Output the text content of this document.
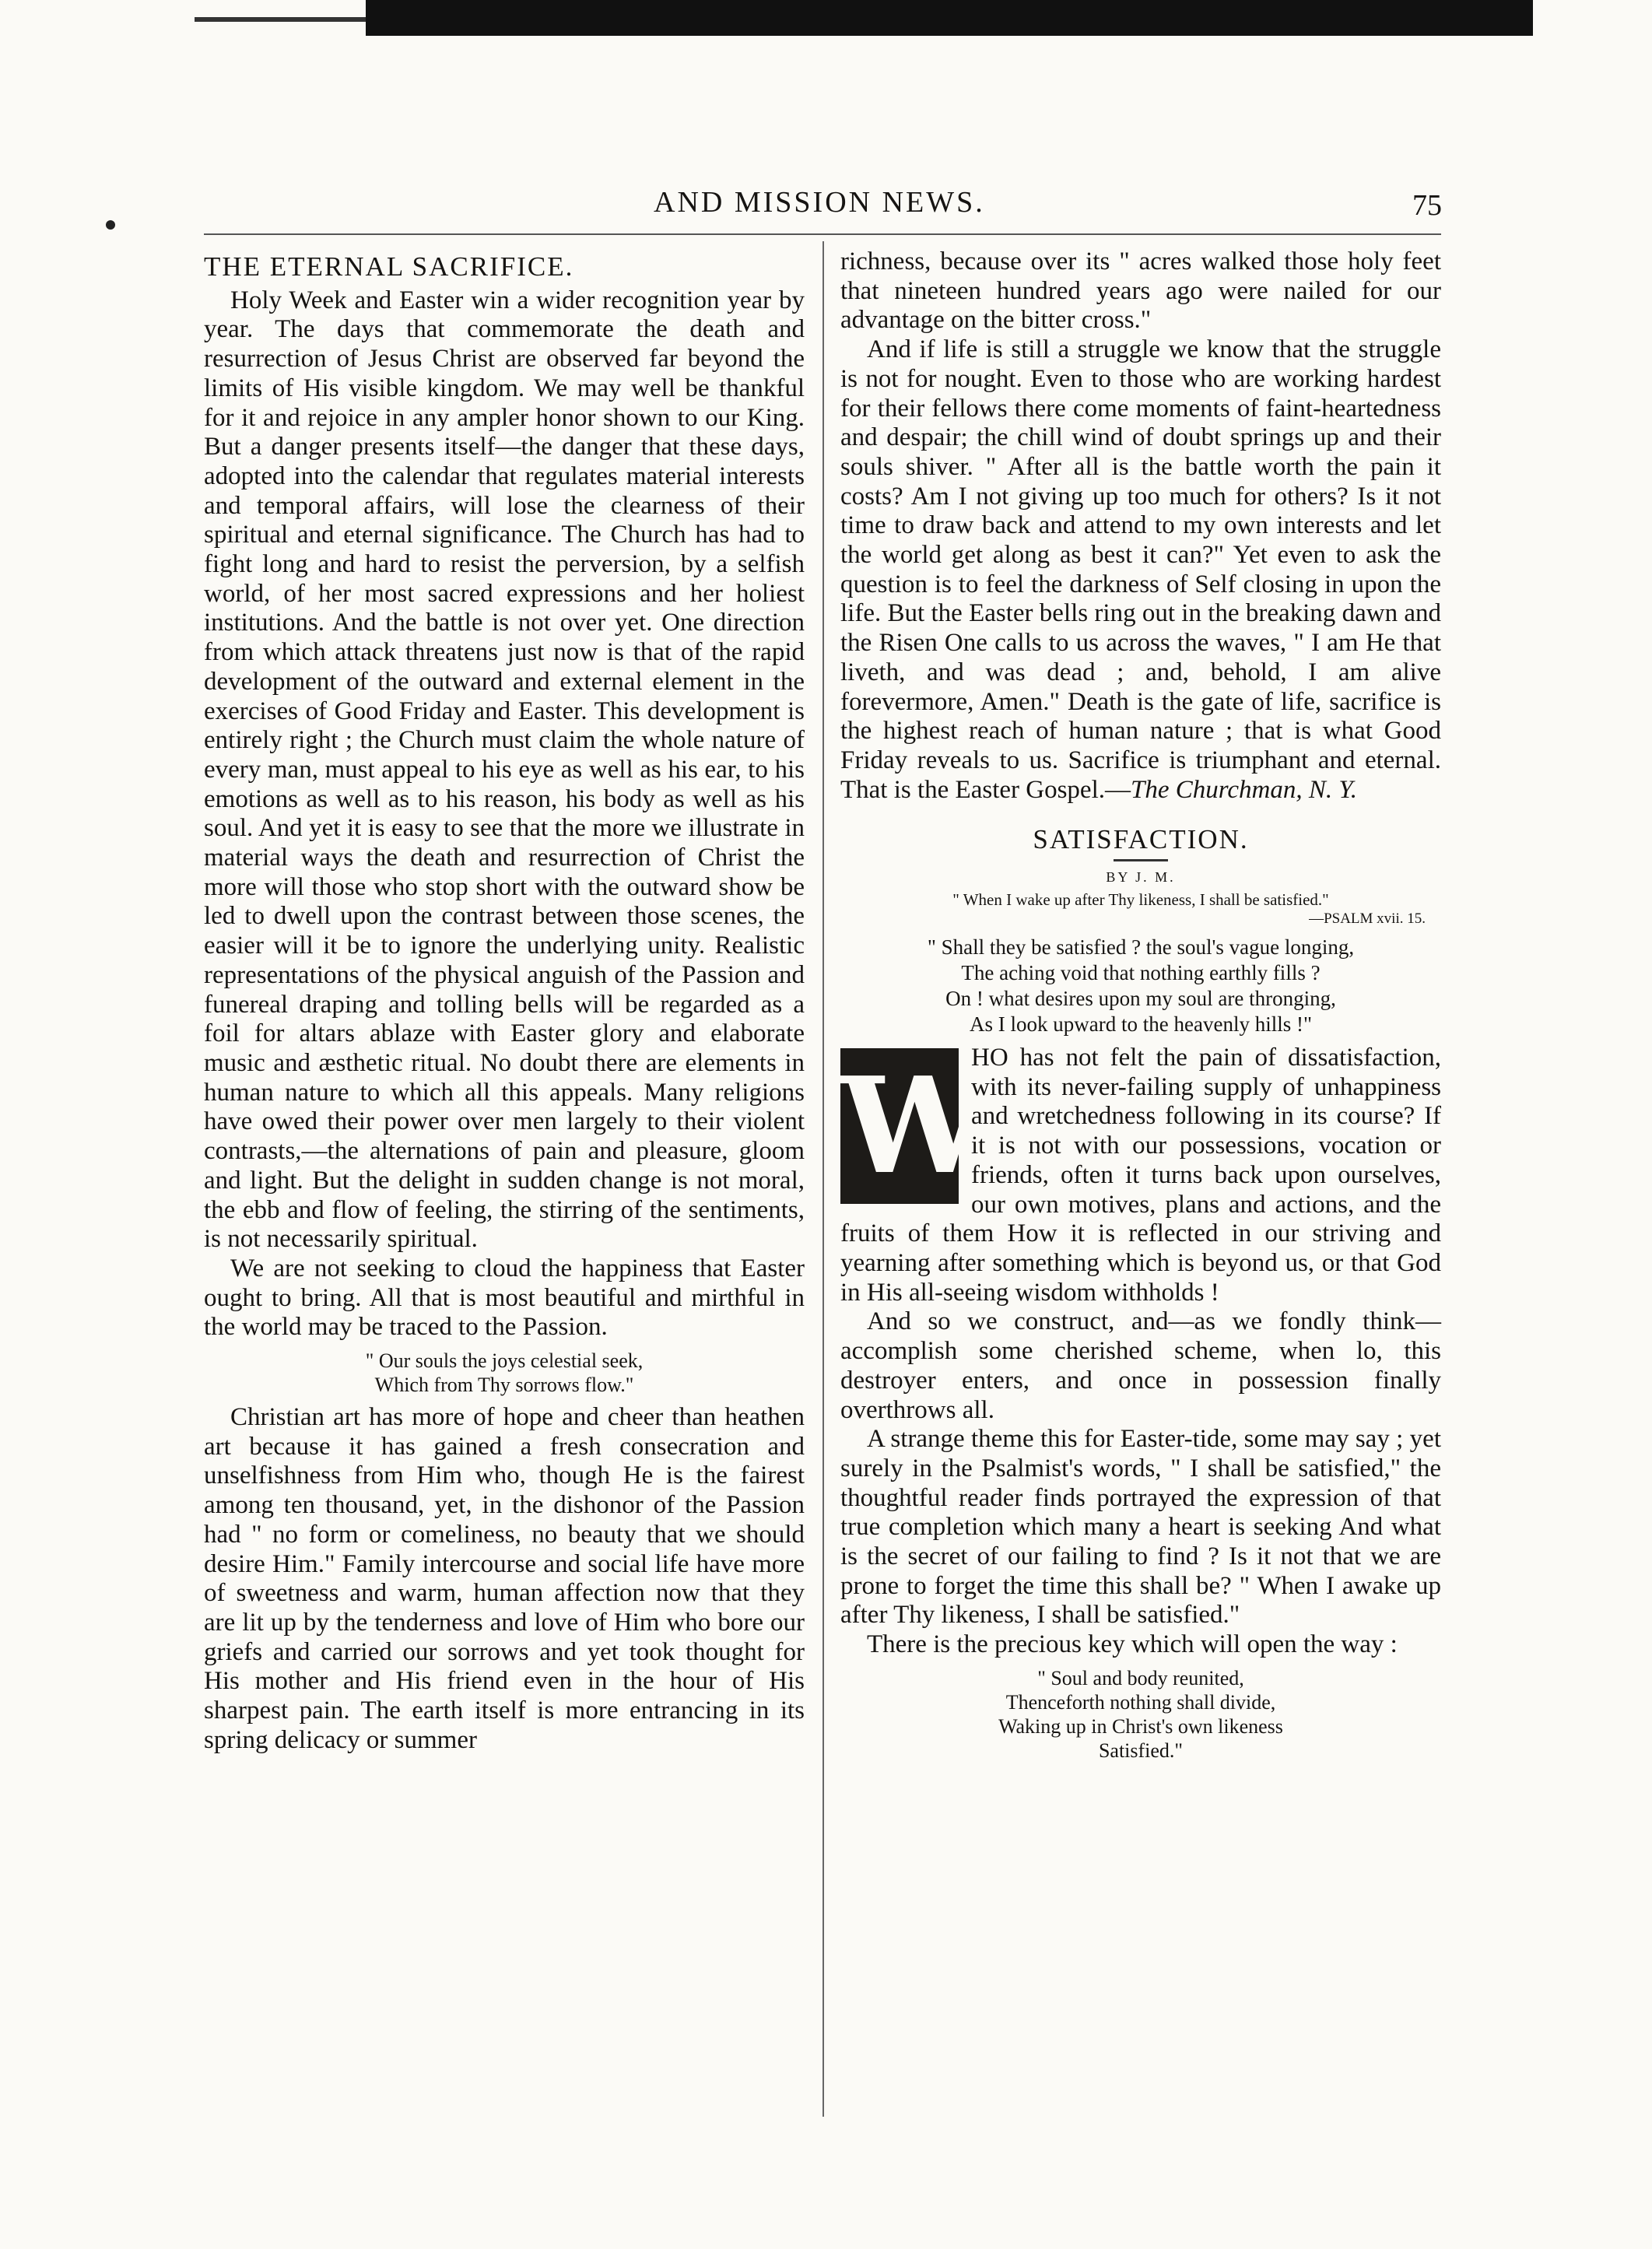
AND MISSION NEWS.	75
THE ETERNAL SACRIFICE.

Holy Week and Easter win a wider recognition year by year. The days that commemorate the death and resurrection of Jesus Christ are observed far beyond the limits of His visible kingdom. We may well be thankful for it and rejoice in any ampler honor shown to our King. But a danger presents itself—the danger that these days, adopted into the calendar that regulates material interests and temporal affairs, will lose the clearness of their spiritual and eternal significance. The Church has had to fight long and hard to resist the perversion, by a selfish world, of her most sacred expressions and her holiest institutions. And the battle is not over yet. One direction from which attack threatens just now is that of the rapid development of the outward and external element in the exercises of Good Friday and Easter. This development is entirely right ; the Church must claim the whole nature of every man, must appeal to his eye as well as his ear, to his emotions as well as to his reason, his body as well as his soul. And yet it is easy to see that the more we illustrate in material ways the death and resurrection of Christ the more will those who stop short with the outward show be led to dwell upon the contrast between those scenes, the easier will it be to ignore the underlying unity. Realistic representations of the physical anguish of the Passion and funereal draping and tolling bells will be regarded as a foil for altars ablaze with Easter glory and elaborate music and æsthetic ritual. No doubt there are elements in human nature to which all this appeals. Many religions have owed their power over men largely to their violent contrasts,—the alternations of pain and pleasure, gloom and light. But the delight in sudden change is not moral, the ebb and flow of feeling, the stirring of the sentiments, is not necessarily spiritual.

We are not seeking to cloud the happiness that Easter ought to bring. All that is most beautiful and mirthful in the world may be traced to the Passion.

" Our souls the joys celestial seek,
Which from Thy sorrows flow."

Christian art has more of hope and cheer than heathen art because it has gained a fresh consecration and unselfishness from Him who, though He is the fairest among ten thousand, yet, in the dishonor of the Passion had " no form or comeliness, no beauty that we should desire Him." Family intercourse and social life have more of sweetness and warm, human affection now that they are lit up by the tenderness and love of Him who bore our griefs and carried our sorrows and yet took thought for His mother and His friend even in the hour of His sharpest pain. The earth itself is more entrancing in its spring delicacy or summer

richness, because over its " acres walked those holy feet that nineteen hundred years ago were nailed for our advantage on the bitter cross."

And if life is still a struggle we know that the struggle is not for nought. Even to those who are working hardest for their fellows there come moments of faint-heartedness and despair; the chill wind of doubt springs up and their souls shiver. " After all is the battle worth the pain it costs? Am I not giving up too much for others? Is it not time to draw back and attend to my own interests and let the world get along as best it can?" Yet even to ask the question is to feel the darkness of Self closing in upon the life. But the Easter bells ring out in the breaking dawn and the Risen One calls to us across the waves, " I am He that liveth, and was dead ; and, behold, I am alive forevermore, Amen." Death is the gate of life, sacrifice is the highest reach of human nature ; that is what Good Friday reveals to us. Sacrifice is triumphant and eternal. That is the Easter Gospel.—The Churchman, N. Y.

SATISFACTION.
BY J. M.
" When I wake up after Thy likeness, I shall be satisfied."
—PSALM xvii. 15.
" Shall they be satisfied ? the soul's vague longing,
The aching void that nothing earthly fills ?
On ! what desires upon my soul are thronging,
As I look upward to the heavenly hills !"
W

HO has not felt the pain of dissatisfaction, with its never-failing supply of unhappiness and wretchedness following in its course? If it is not with our possessions, vocation or friends, often it turns back upon ourselves, our own motives, plans and actions, and the fruits of them How it is reflected in our striving and yearning after something which is beyond us, or that God in His all-seeing wisdom withholds !

And so we construct, and—as we fondly think—accomplish some cherished scheme, when lo, this destroyer enters, and once in possession finally overthrows all.

A strange theme this for Easter-tide, some may say ; yet surely in the Psalmist's words, " I shall be satisfied," the thoughtful reader finds portrayed the expression of that true completion which many a heart is seeking And what is the secret of our failing to find ? Is it not that we are prone to forget the time this shall be? " When I awake up after Thy likeness, I shall be satisfied."

There is the precious key which will open the way :

" Soul and body reunited,
Thenceforth nothing shall divide,
Waking up in Christ's own likeness
Satisfied."
